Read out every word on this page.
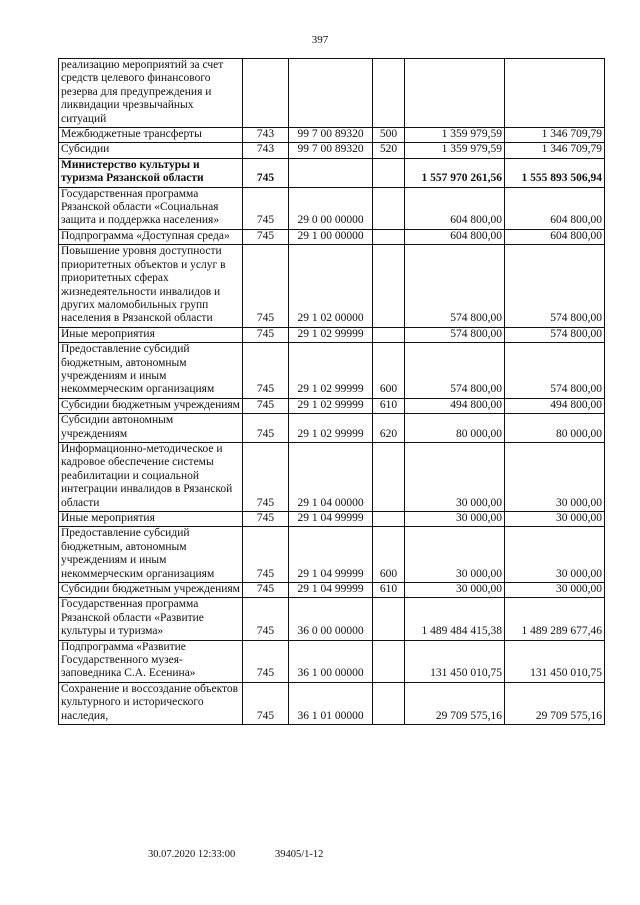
397
реализацию мероприятий за счет средств целевого финансового резерва для предупреждения и ликвидации чрезвычайных ситуаций					
Межбюджетные трансферты	743	99 7 00 89320	500	1 359 979,59	1 346 709,79
Субсидии	743	99 7 00 89320	520	1 359 979,59	1 346 709,79
Министерство культуры и туризма Рязанской области	745			1 557 970 261,56	1 555 893 506,94
Государственная программа Рязанской области «Социальная защита и поддержка населения»	745	29 0 00 00000		604 800,00	604 800,00
Подпрограмма «Доступная среда»	745	29 1 00 00000		604 800,00	604 800,00
Повышение уровня доступности приоритетных объектов и услуг в приоритетных сферах жизнедеятельности инвалидов и других маломобильных групп населения в Рязанской области	745	29 1 02 00000		574 800,00	574 800,00
Иные мероприятия	745	29 1 02 99999		574 800,00	574 800,00
Предоставление субсидий бюджетным, автономным учреждениям и иным некоммерческим организациям	745	29 1 02 99999	600	574 800,00	574 800,00
Субсидии бюджетным учреждениям	745	29 1 02 99999	610	494 800,00	494 800,00
Субсидии автономным учреждениям	745	29 1 02 99999	620	80 000,00	80 000,00
Информационно-методическое и кадровое обеспечение системы реабилитации и социальной интеграции инвалидов в Рязанской области	745	29 1 04 00000		30 000,00	30 000,00
Иные мероприятия	745	29 1 04 99999		30 000,00	30 000,00
Предоставление субсидий бюджетным, автономным учреждениям и иным некоммерческим организациям	745	29 1 04 99999	600	30 000,00	30 000,00
Субсидии бюджетным учреждениям	745	29 1 04 99999	610	30 000,00	30 000,00
Государственная программа Рязанской области «Развитие культуры и туризма»	745	36 0 00 00000		1 489 484 415,38	1 489 289 677,46
Подпрограмма «Развитие Государственного музея-заповедника С.А. Есенина»	745	36 1 00 00000		131 450 010,75	131 450 010,75
Сохранение и воссоздание объектов культурного и исторического наследия,	745	36 1 01 00000		29 709 575,16	29 709 575,16
30.07.2020 12:33:00	39405/1-12
